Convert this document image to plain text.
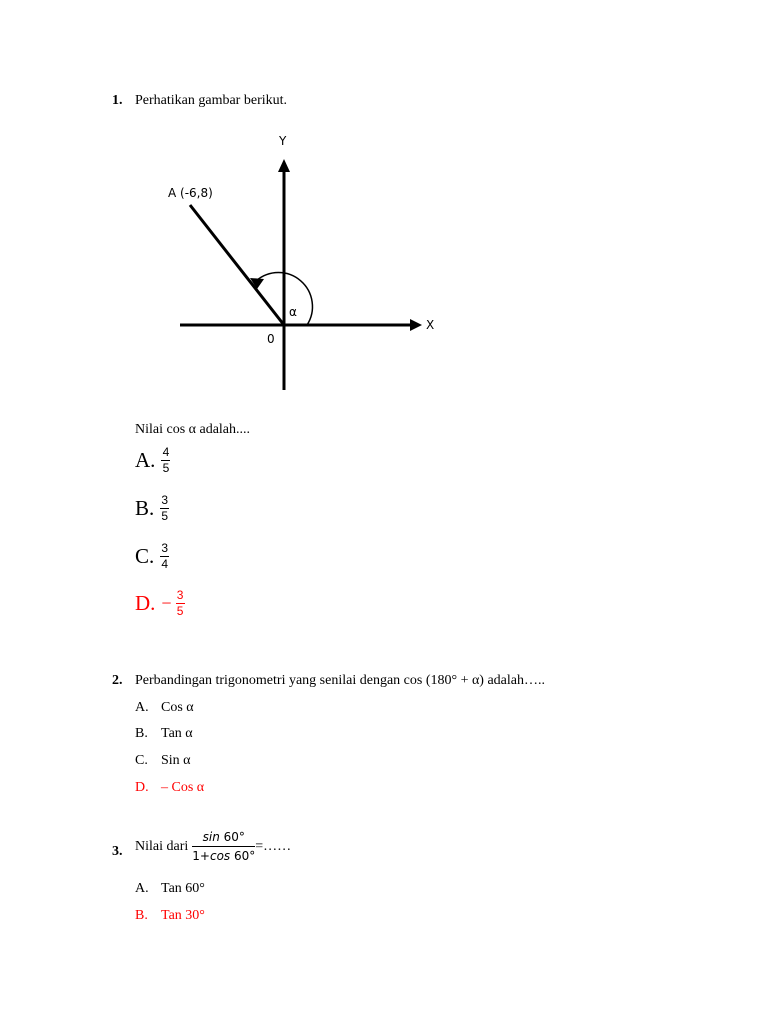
1. Perhatikan gambar berikut.
Y
X
0
A (-6,8)
α
Nilai cos α adalah....
A. $\frac{4}{5}$
B. $\frac{3}{5}$
C. $\frac{3}{4}$
D. − $\frac{3}{5}$
2. Perbandingan trigonometri yang senilai dengan cos (180° + α) adalah…..
A. Cos α
B. Tan α
C. Sin α
D. – Cos α
3. Nilai dari
sin 60°
1+cos 60°
=……
A. Tan 60°
B. Tan 30°
